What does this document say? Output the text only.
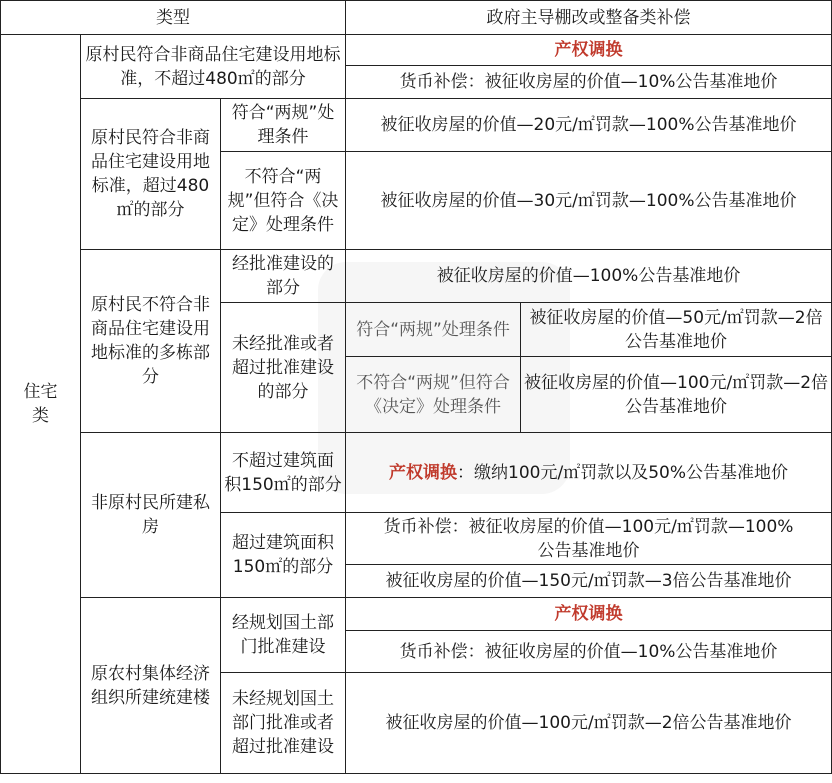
类型			政府主导棚改或整备类补偿	
住宅类	原村民符合非商品住宅建设用地标准，不超过480㎡的部分		产权调换	
			货币补偿：被征收房屋的价值—10%公告基准地价	
	原村民符合非商品住宅建设用地标准，超过480㎡的部分	符合“两规”处理条件	被征收房屋的价值—20元/㎡罚款—100%公告基准地价	
		不符合“两规”但符合《决定》处理条件	被征收房屋的价值—30元/㎡罚款—100%公告基准地价	
	原村民不符合非商品住宅建设用地标准的多栋部分	经批准建设的部分	被征收房屋的价值—100%公告基准地价	
		未经批准或者超过批准建设的部分	符合“两规”处理条件	被征收房屋的价值—50元/㎡罚款—2倍公告基准地价
			不符合“两规”但符合《决定》处理条件	被征收房屋的价值—100元/㎡罚款—2倍公告基准地价
	非原村民所建私房	不超过建筑面积150㎡的部分	产权调换：缴纳100元/㎡罚款以及50%公告基准地价	
		超过建筑面积150㎡的部分	货币补偿：被征收房屋的价值—100元/㎡罚款—100%公告基准地价	
			被征收房屋的价值—150元/㎡罚款—3倍公告基准地价	
	原农村集体经济组织所建统建楼	经规划国土部门批准建设	产权调换	
			货币补偿：被征收房屋的价值—10%公告基准地价	
		未经规划国土部门批准或者超过批准建设	被征收房屋的价值—100元/㎡罚款—2倍公告基准地价	
